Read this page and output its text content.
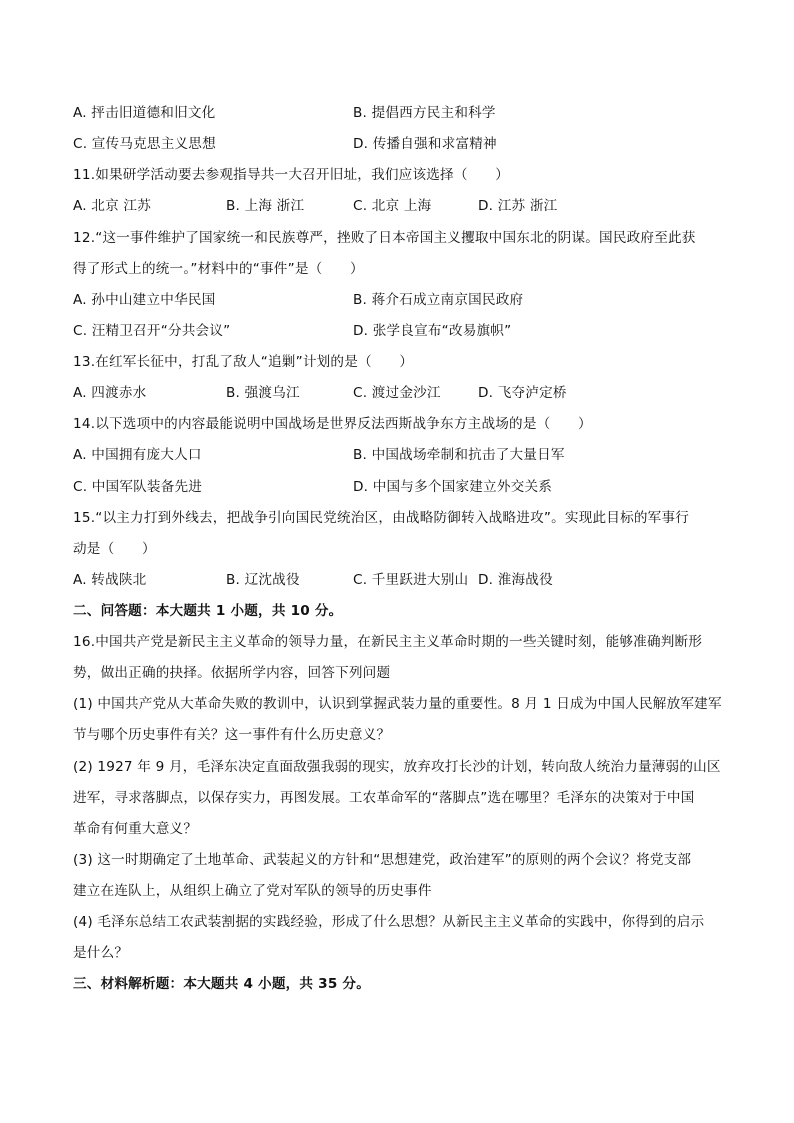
A. 抨击旧道德和旧文化	B. 提倡西方民主和科学
C. 宣传马克思主义思想	D. 传播自强和求富精神
11.如果研学活动要去参观指导共一大召开旧址，我们应该选择（　　）
A. 北京 江苏	B. 上海 浙江	C. 北京 上海	D. 江苏 浙江
12.“这一事件维护了国家统一和民族尊严，挫败了日本帝国主义攫取中国东北的阴谋。国民政府至此获
得了形式上的统一。”材料中的“事件”是（　　）
A. 孙中山建立中华民国	B. 蒋介石成立南京国民政府
C. 汪精卫召开“分共会议”	D. 张学良宣布“改易旗帜”
13.在红军长征中，打乱了敌人“追剿”计划的是（　　）
A. 四渡赤水	B. 强渡乌江	C. 渡过金沙江	D. 飞夺泸定桥
14.以下选项中的内容最能说明中国战场是世界反法西斯战争东方主战场的是（　　）
A. 中国拥有庞大人口	B. 中国战场牵制和抗击了大量日军
C. 中国军队装备先进	D. 中国与多个国家建立外交关系
15.“以主力打到外线去，把战争引向国民党统治区，由战略防御转入战略进攻”。实现此目标的军事行
动是（　　）
A. 转战陕北	B. 辽沈战役	C. 千里跃进大别山 D. 淮海战役
二、问答题：本大题共 1 小题，共 10 分。
16.中国共产党是新民主主义革命的领导力量，在新民主主义革命时期的一些关键时刻，能够准确判断形
势，做出正确的抉择。依据所学内容，回答下列问题
(1) 中国共产党从大革命失败的教训中，认识到掌握武装力量的重要性。8 月 1 日成为中国人民解放军建军
节与哪个历史事件有关？这一事件有什么历史意义？
(2) 1927 年 9 月，毛泽东决定直面敌强我弱的现实，放弃攻打长沙的计划，转向敌人统治力量薄弱的山区
进军，寻求落脚点，以保存实力，再图发展。工农革命军的“落脚点”选在哪里？毛泽东的决策对于中国
革命有何重大意义？
(3) 这一时期确定了土地革命、武装起义的方针和“思想建党，政治建军”的原则的两个会议？将党支部
建立在连队上，从组织上确立了党对军队的领导的历史事件
(4) 毛泽东总结工农武装割据的实践经验，形成了什么思想？从新民主主义革命的实践中，你得到的启示
是什么？
三、材料解析题：本大题共 4 小题，共 35 分。
